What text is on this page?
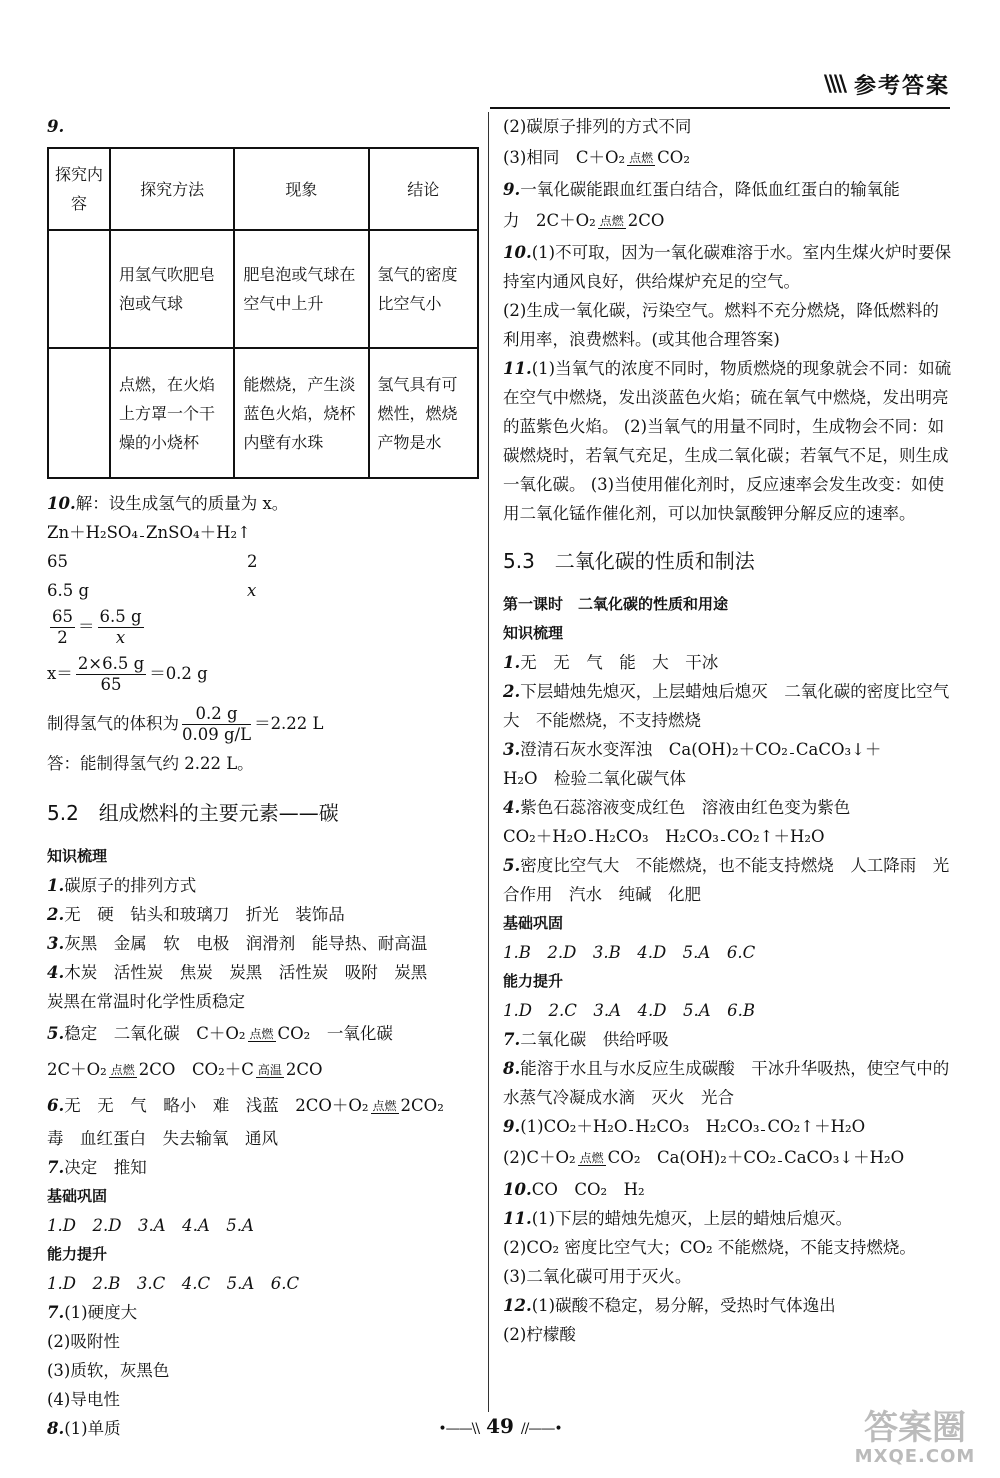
\\\\ 参考答案
9.
探究内容	探究方法	现象	结论
	用氢气吹肥皂泡或气球	肥皂泡或气球在空气中上升	氢气的密度比空气小
	点燃，在火焰上方罩一个干燥的小烧杯	能燃烧，产生淡蓝色火焰，烧杯内壁有水珠	氢气具有可燃性，燃烧产物是水
10.解：设生成氢气的质量为 x。
Zn＋H₂SO₄ ZnSO₄＋H₂↑
65	2
6.5 g	x
$\frac{65}{2} = \frac{6.5 g}{x}$
$x= \frac{2\times 6.5 g}{65} =0.2$ g
制得氢气的体积为 $\frac{0.2 g}{0.09 g/L} =2.22$ L
答：能制得氢气约 2.22 L。
5.2　组成燃料的主要元素——碳
知识梳理
1.碳原子的排列方式
2.无　硬　钻头和玻璃刀　折光　装饰品
3.灰黑　金属　软　电极　润滑剂　能导热、耐高温
4.木炭　活性炭　焦炭　炭黑　活性炭　吸附　炭黑
炭黑在常温时化学性质稳定
5.稳定　二氧化碳　C＋O₂ 点燃 CO₂　一氧化碳
2C＋O₂ 点燃 2CO　CO₂＋C 高温 2CO
6.无　无　气　略小　难　浅蓝　2CO＋O₂ 点燃 2CO₂
毒　血红蛋白　失去输氧　通风
7.决定　推知
基础巩固
1.D　2.D　3.A　4.A　5.A
能力提升
1.D　2.B　3.C　4.C　5.A　6.C
7.(1)硬度大
(2)吸附性
(3)质软，灰黑色
(4)导电性
8.(1)单质
(2)碳原子排列的方式不同
(3)相同　C＋O₂ 点燃 CO₂
9.一氧化碳能跟血红蛋白结合，降低血红蛋白的输氧能
力　2C＋O₂ 点燃 2CO
10.(1)不可取，因为一氧化碳难溶于水。室内生煤火炉时要保持室内通风良好，供给煤炉充足的空气。
(2)生成一氧化碳，污染空气。燃料不充分燃烧，降低燃料的利用率，浪费燃料。(或其他合理答案)
11.(1)当氧气的浓度不同时，物质燃烧的现象就会不同：如硫在空气中燃烧，发出淡蓝色火焰；硫在氧气中燃烧，发出明亮的蓝紫色火焰。 (2)当氧气的用量不同时，生成物会不同：如碳燃烧时，若氧气充足，生成二氧化碳；若氧气不足，则生成一氧化碳。 (3)当使用催化剂时，反应速率会发生改变：如使用二氧化锰作催化剂，可以加快氯酸钾分解反应的速率。
5.3　二氧化碳的性质和制法
第一课时　二氧化碳的性质和用途
知识梳理
1.无　无　气　能　大　干冰
2.下层蜡烛先熄灭，上层蜡烛后熄灭　二氧化碳的密度比空气大　不能燃烧，不支持燃烧
3.澄清石灰水变浑浊　Ca(OH)₂＋CO₂ CaCO₃↓＋
H₂O　检验二氧化碳气体
4.紫色石蕊溶液变成红色　溶液由红色变为紫色
CO₂＋H₂O H₂CO₃　H₂CO₃ CO₂↑＋H₂O
5.密度比空气大　不能燃烧，也不能支持燃烧　人工降雨　光合作用　汽水　纯碱　化肥
基础巩固
1.B　2.D　3.B　4.D　5.A　6.C
能力提升
1.D　2.C　3.A　4.D　5.A　6.B
7.二氧化碳　供给呼吸
8.能溶于水且与水反应生成碳酸　干冰升华吸热，使空气中的水蒸气冷凝成水滴　灭火　光合
9.(1)CO₂＋H₂O H₂CO₃　H₂CO₃ CO₂↑＋H₂O
(2)C＋O₂ 点燃 CO₂　Ca(OH)₂＋CO₂ CaCO₃↓＋H₂O
10.CO　CO₂　H₂
11.(1)下层的蜡烛先熄灭，上层的蜡烛后熄灭。
(2)CO₂ 密度比空气大；CO₂ 不能燃烧，不能支持燃烧。
(3)二氧化碳可用于灭火。
12.(1)碳酸不稳定，易分解，受热时气体逸出
(2)柠檬酸
•——\\ 49 //——•	答案圈
MXQE.COM
